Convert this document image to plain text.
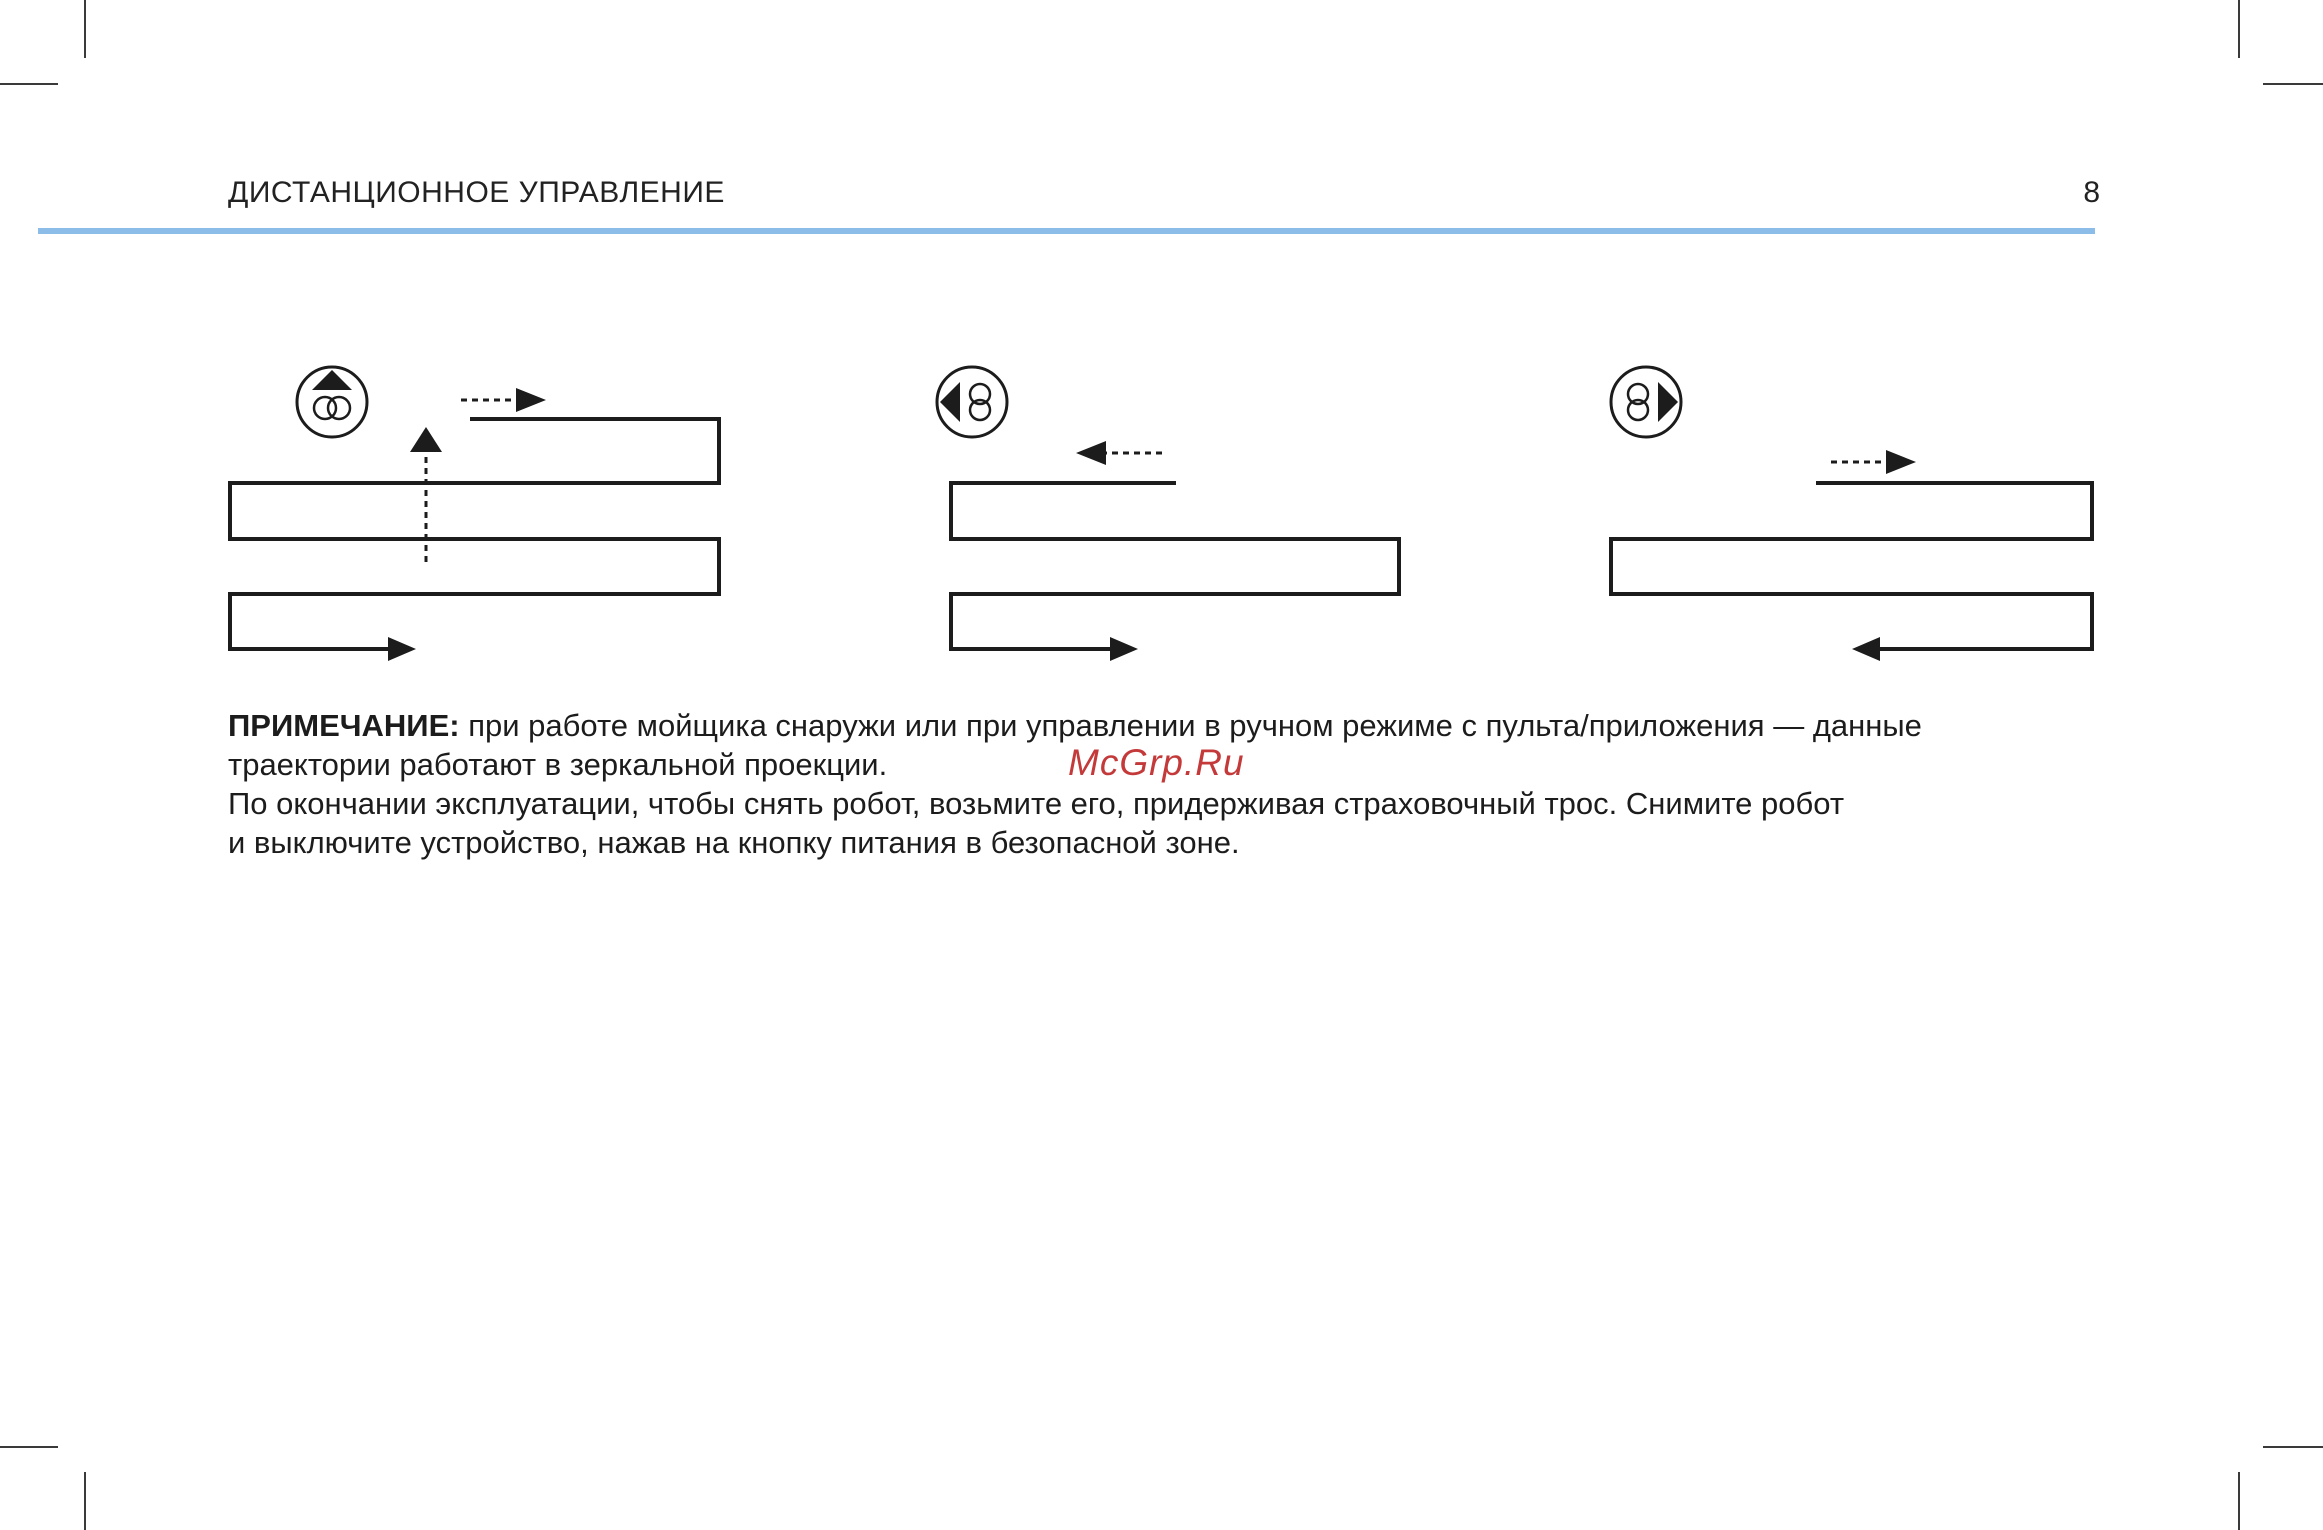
ДИСТАНЦИОННОЕ УПРАВЛЕНИЕ	8

ПРИМЕЧАНИЕ: при работе мойщика снаружи или при управлении в ручном режиме с пульта/приложения — данные

траектории работают в зеркальной проекции.

По окончании эксплуатации, чтобы снять робот, возьмите его, придерживая страховочный трос. Снимите робот

и выключите устройство, нажав на кнопку питания в безопасной зоне.

McGrp.Ru
